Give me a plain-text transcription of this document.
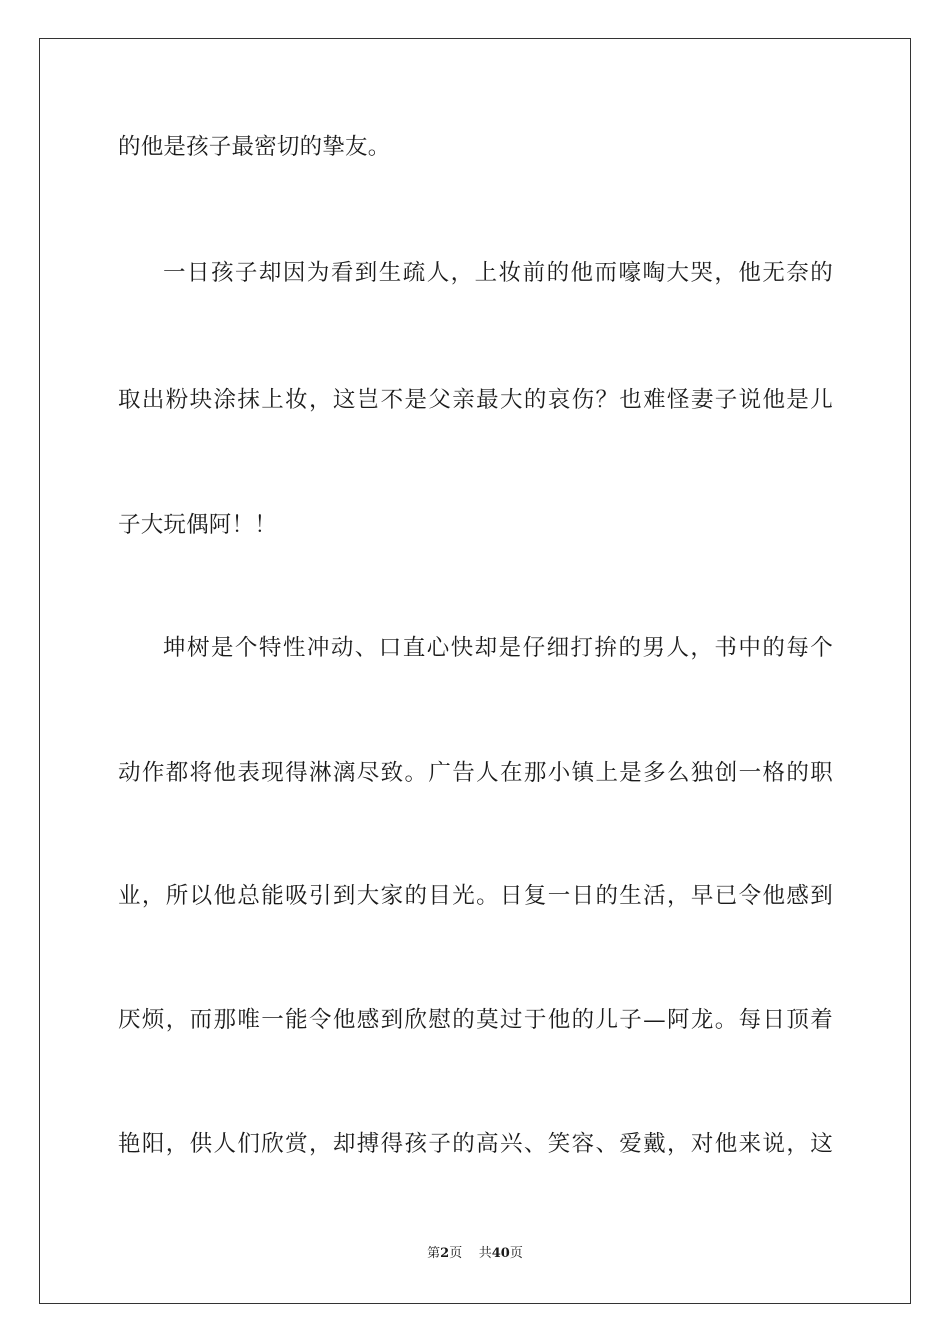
的他是孩子最密切的挚友。
一日孩子却因为看到生疏人，上妆前的他而嚎啕大哭，他无奈的
取出粉块涂抹上妆，这岂不是父亲最大的哀伤？也难怪妻子说他是儿
子大玩偶阿！！
坤树是个特性冲动、口直心快却是仔细打拚的男人，书中的每个
动作都将他表现得淋漓尽致。广告人在那小镇上是多么独创一格的职
业，所以他总能吸引到大家的目光。日复一日的生活，早已令他感到
厌烦，而那唯一能令他感到欣慰的莫过于他的儿子—阿龙。每日顶着
艳阳，供人们欣赏，却搏得孩子的高兴、笑容、爱戴，对他来说，这
第2页 共40页
